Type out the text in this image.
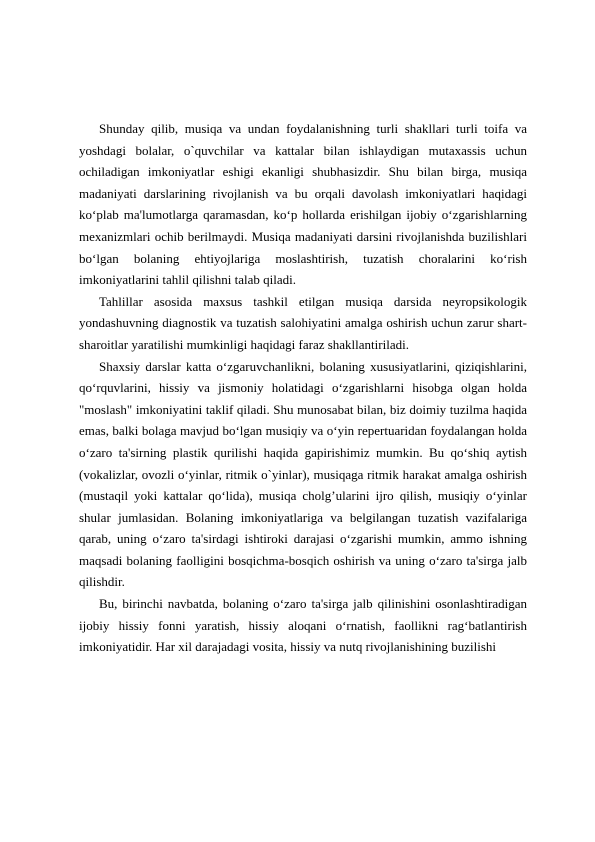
Shunday qilib, musiqa va undan foydalanishning turli shakllari turli toifa va yoshdagi bolalar, o`quvchilar va kattalar bilan ishlaydigan mutaxassis uchun ochiladigan imkoniyatlar eshigi ekanligi shubhasizdir. Shu bilan birga, musiqa madaniyati darslarining rivojlanish va bu orqali davolash imkoniyatlari haqidagi ko‘plab ma'lumotlarga qaramasdan, ko‘p hollarda erishilgan ijobiy o‘zgarishlarning mexanizmlari ochib berilmaydi. Musiqa madaniyati darsini rivojlanishda buzilishlari bo‘lgan bolaning ehtiyojlariga moslashtirish, tuzatish choralarini ko‘rish imkoniyatlarini tahlil qilishni talab qiladi.

Tahlillar asosida maxsus tashkil etilgan musiqa darsida neyropsikologik yondashuvning diagnostik va tuzatish salohiyatini amalga oshirish uchun zarur shart-sharoitlar yaratilishi mumkinligi haqidagi faraz shakllantiriladi.

Shaxsiy darslar katta o‘zgaruvchanlikni, bolaning xususiyatlarini, qiziqishlarini, qo‘rquvlarini, hissiy va jismoniy holatidagi o‘zgarishlarni hisobga olgan holda "moslash" imkoniyatini taklif qiladi. Shu munosabat bilan, biz doimiy tuzilma haqida emas, balki bolaga mavjud bo‘lgan musiqiy va o‘yin repertuaridan foydalangan holda o‘zaro ta'sirning plastik qurilishi haqida gapirishimiz mumkin. Bu qo‘shiq aytish (vokalizlar, ovozli o‘yinlar, ritmik o`yinlar), musiqaga ritmik harakat amalga oshirish (mustaqil yoki kattalar qo‘lida), musiqa cholg’ularini ijro qilish, musiqiy o‘yinlar shular jumlasidan. Bolaning imkoniyatlariga va belgilangan tuzatish vazifalariga qarab, uning o‘zaro ta'sirdagi ishtiroki darajasi o‘zgarishi mumkin, ammo ishning maqsadi bolaning faolligini bosqichma-bosqich oshirish va uning o‘zaro ta'sirga jalb qilishdir.

Bu, birinchi navbatda, bolaning o‘zaro ta'sirga jalb qilinishini osonlashtiradigan ijobiy hissiy fonni yaratish, hissiy aloqani o‘rnatish, faollikni rag‘batlantirish imkoniyatidir. Har xil darajadagi vosita, hissiy va nutq rivojlanishining buzilishi
